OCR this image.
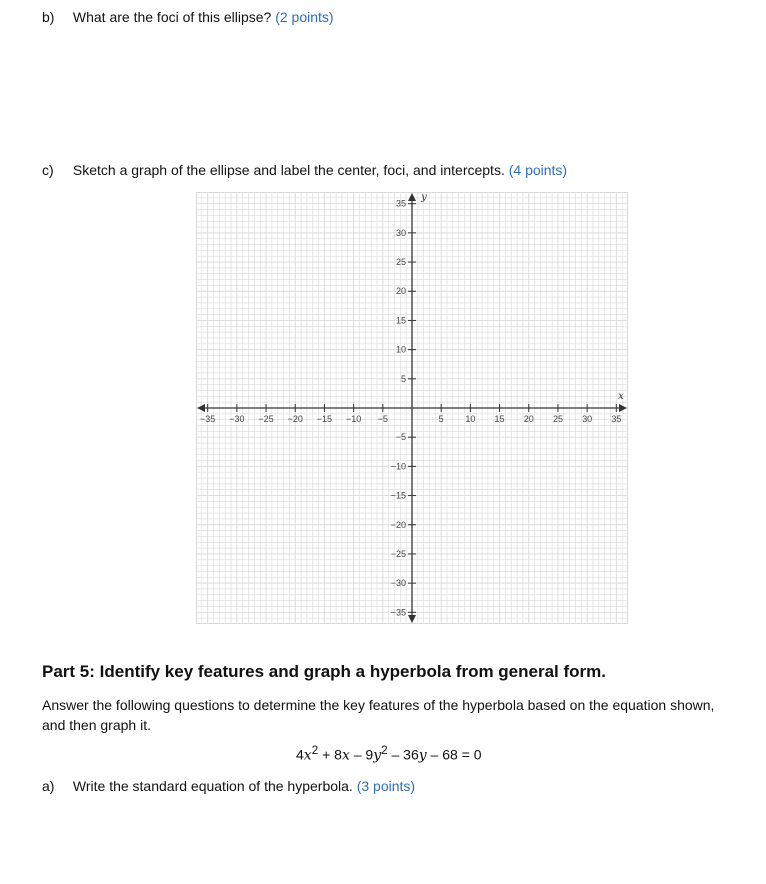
b) What are the foci of this ellipse? (2 points)
c) Sketch a graph of the ellipse and label the center, foci, and intercepts. (4 points)
−35 −30 −25 −20 −15 −10 −5	5 10 15 20 25 30 35
35
30
25
20
15
10
5
−5
−10
−15
−20
−25
−30
−35
x
y
Part 5: Identify key features and graph a hyperbola from general form.
Answer the following questions to determine the key features of the hyperbola based on the equation shown, and then graph it.
$4x^2 + 8x - 9y^2 - 36y - 68 = 0$
a) Write the standard equation of the hyperbola. (3 points)
